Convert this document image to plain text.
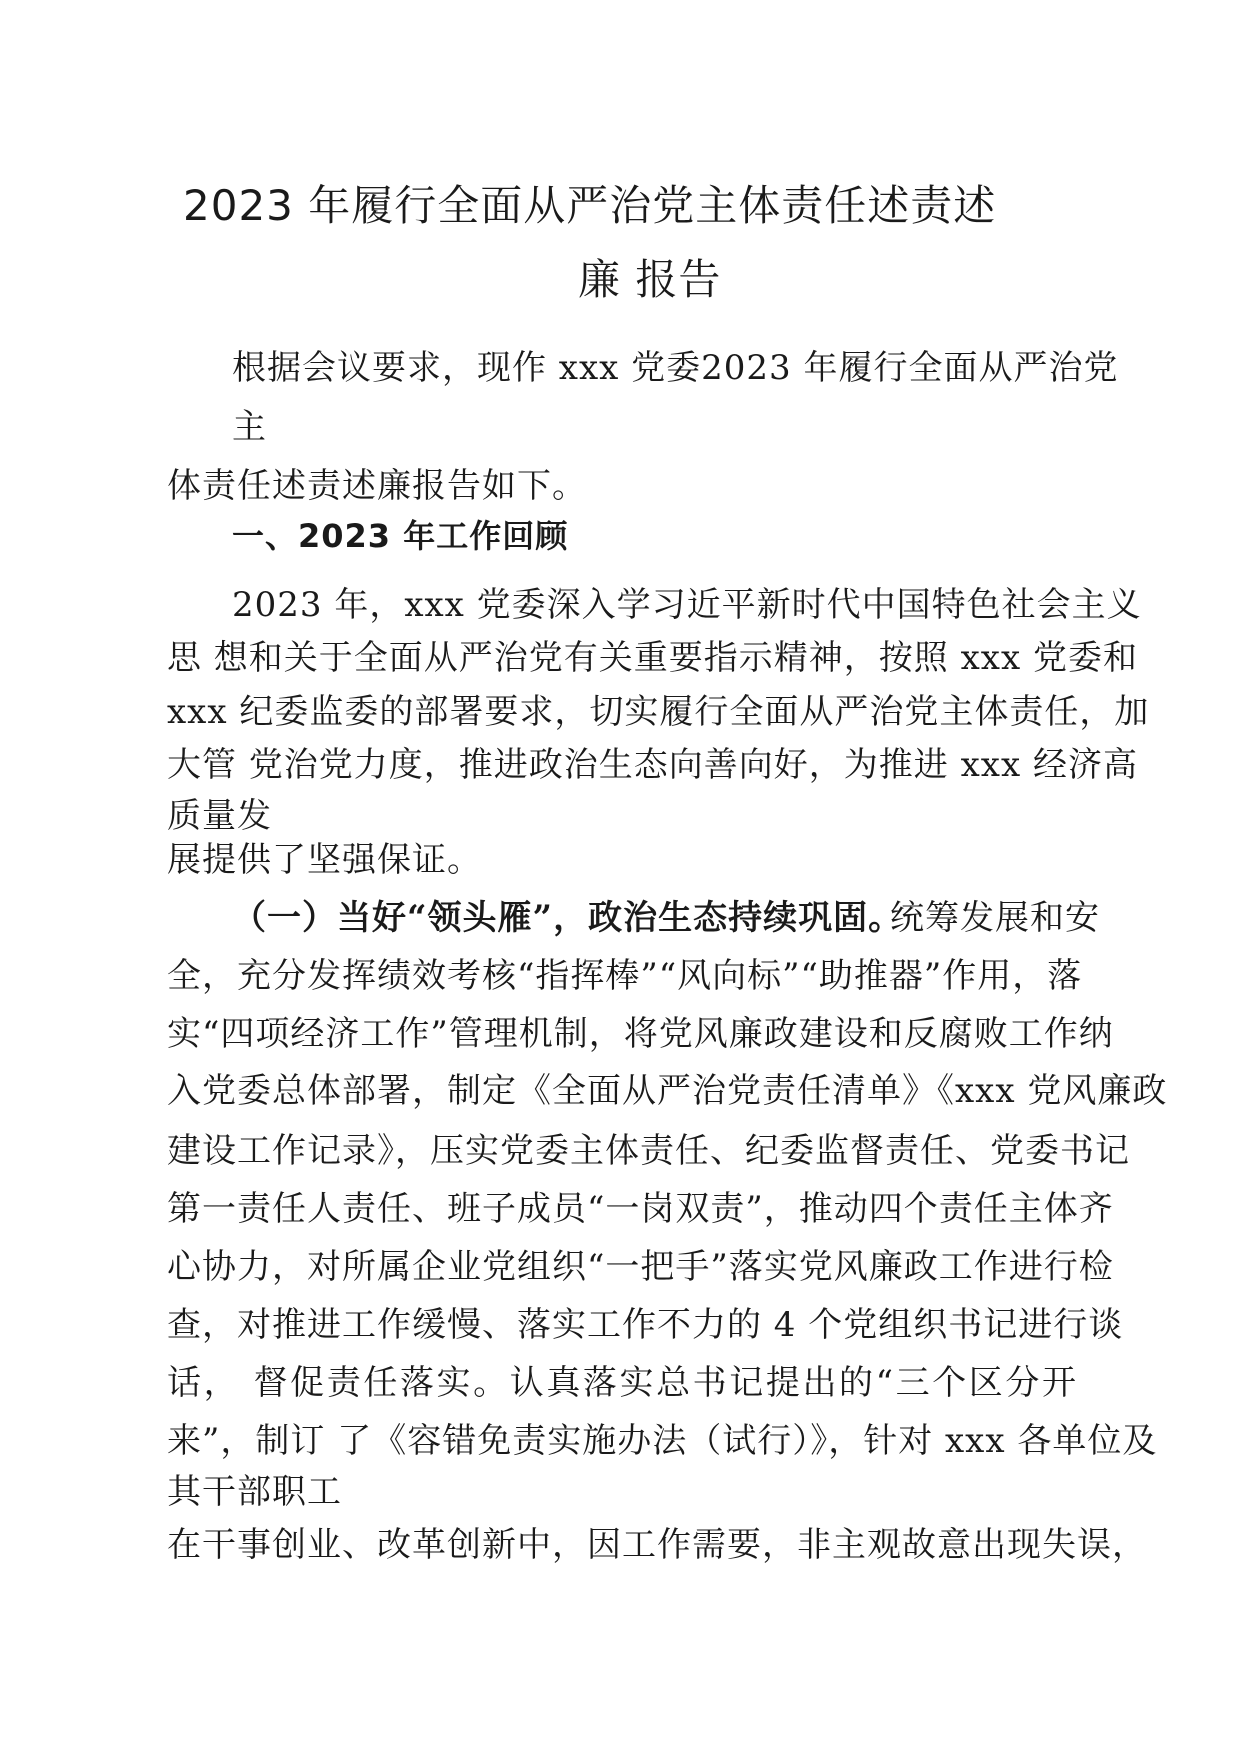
2023 年履行全面从严治党主体责任述责述
廉 报告
根据会议要求，现作 xxx 党委2023 年履行全面从严治党
主
体责任述责述廉报告如下。
一、2023 年工作回顾
2023 年，xxx 党委深入学习近平新时代中国特色社会主义
思 想和关于全面从严治党有关重要指示精神，按照 xxx 党委和
xxx 纪委监委的部署要求，切实履行全面从严治党主体责任，加
大管 党治党力度，推进政治生态向善向好，为推进 xxx 经济高
质量发
展提供了坚强保证。
（一）当好“领头雁”，政治生态持续巩固。
统筹发展和安
全，充分发挥绩效考核“指挥棒”“风向标”“助推器”作用，落
实“四项经济工作”管理机制，将党风廉政建设和反腐败工作纳
入党委总体部署，制定《全面从严治党责任清单》《xxx 党风廉政
建设工作记录》，压实党委主体责任、纪委监督责任、党委书记
第一责任人责任、班子成员“一岗双责”，推动四个责任主体齐
心协力，对所属企业党组织“一把手”落实党风廉政工作进行检
查，对推进工作缓慢、落实工作不力的 4 个党组织书记进行谈
话， 督促责任落实。认真落实总书记提出的“三个区分开
来”，制订 了《容错免责实施办法（试行）》，针对 xxx 各单位及
其干部职工
在干事创业、改革创新中，因工作需要，非主观故意出现失误，
